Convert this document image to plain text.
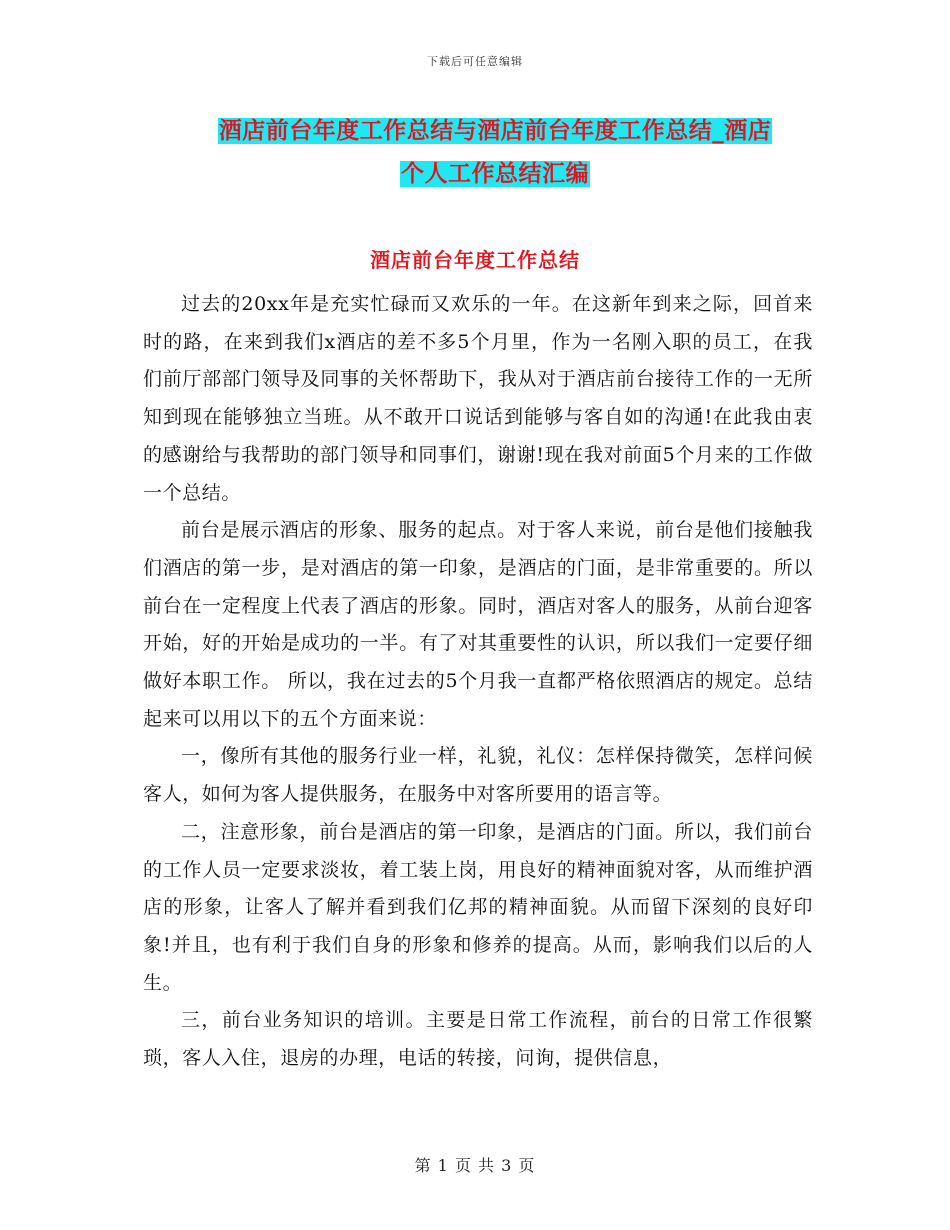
下载后可任意编辑
酒店前台年度工作总结与酒店前台年度工作总结_酒店
个人工作总结汇编
酒店前台年度工作总结

过去的20xx年是充实忙碌而又欢乐的一年。在这新年到来之际，回首来时的路，在来到我们x酒店的差不多5个月里，作为一名刚入职的员工，在我们前厅部部门领导及同事的关怀帮助下，我从对于酒店前台接待工作的一无所知到现在能够独立当班。从不敢开口说话到能够与客自如的沟通!在此我由衷的感谢给与我帮助的部门领导和同事们，谢谢!现在我对前面5个月来的工作做一个总结。

前台是展示酒店的形象、服务的起点。对于客人来说，前台是他们接触我们酒店的第一步，是对酒店的第一印象，是酒店的门面，是非常重要的。所以前台在一定程度上代表了酒店的形象。同时，酒店对客人的服务，从前台迎客开始，好的开始是成功的一半。有了对其重要性的认识，所以我们一定要仔细做好本职工作。 所以，我在过去的5个月我一直都严格依照酒店的规定。总结起来可以用以下的五个方面来说：

一，像所有其他的服务行业一样，礼貌，礼仪：怎样保持微笑，怎样问候客人，如何为客人提供服务，在服务中对客所要用的语言等。

二，注意形象，前台是酒店的第一印象，是酒店的门面。所以，我们前台的工作人员一定要求淡妆，着工装上岗，用良好的精神面貌对客，从而维护酒店的形象，让客人了解并看到我们亿邦的精神面貌。从而留下深刻的良好印象!并且，也有利于我们自身的形象和修养的提高。从而，影响我们以后的人生。

三，前台业务知识的培训。主要是日常工作流程，前台的日常工作很繁琐，客人入住，退房的办理，电话的转接，问询，提供信息，

第 1 页 共 3 页
